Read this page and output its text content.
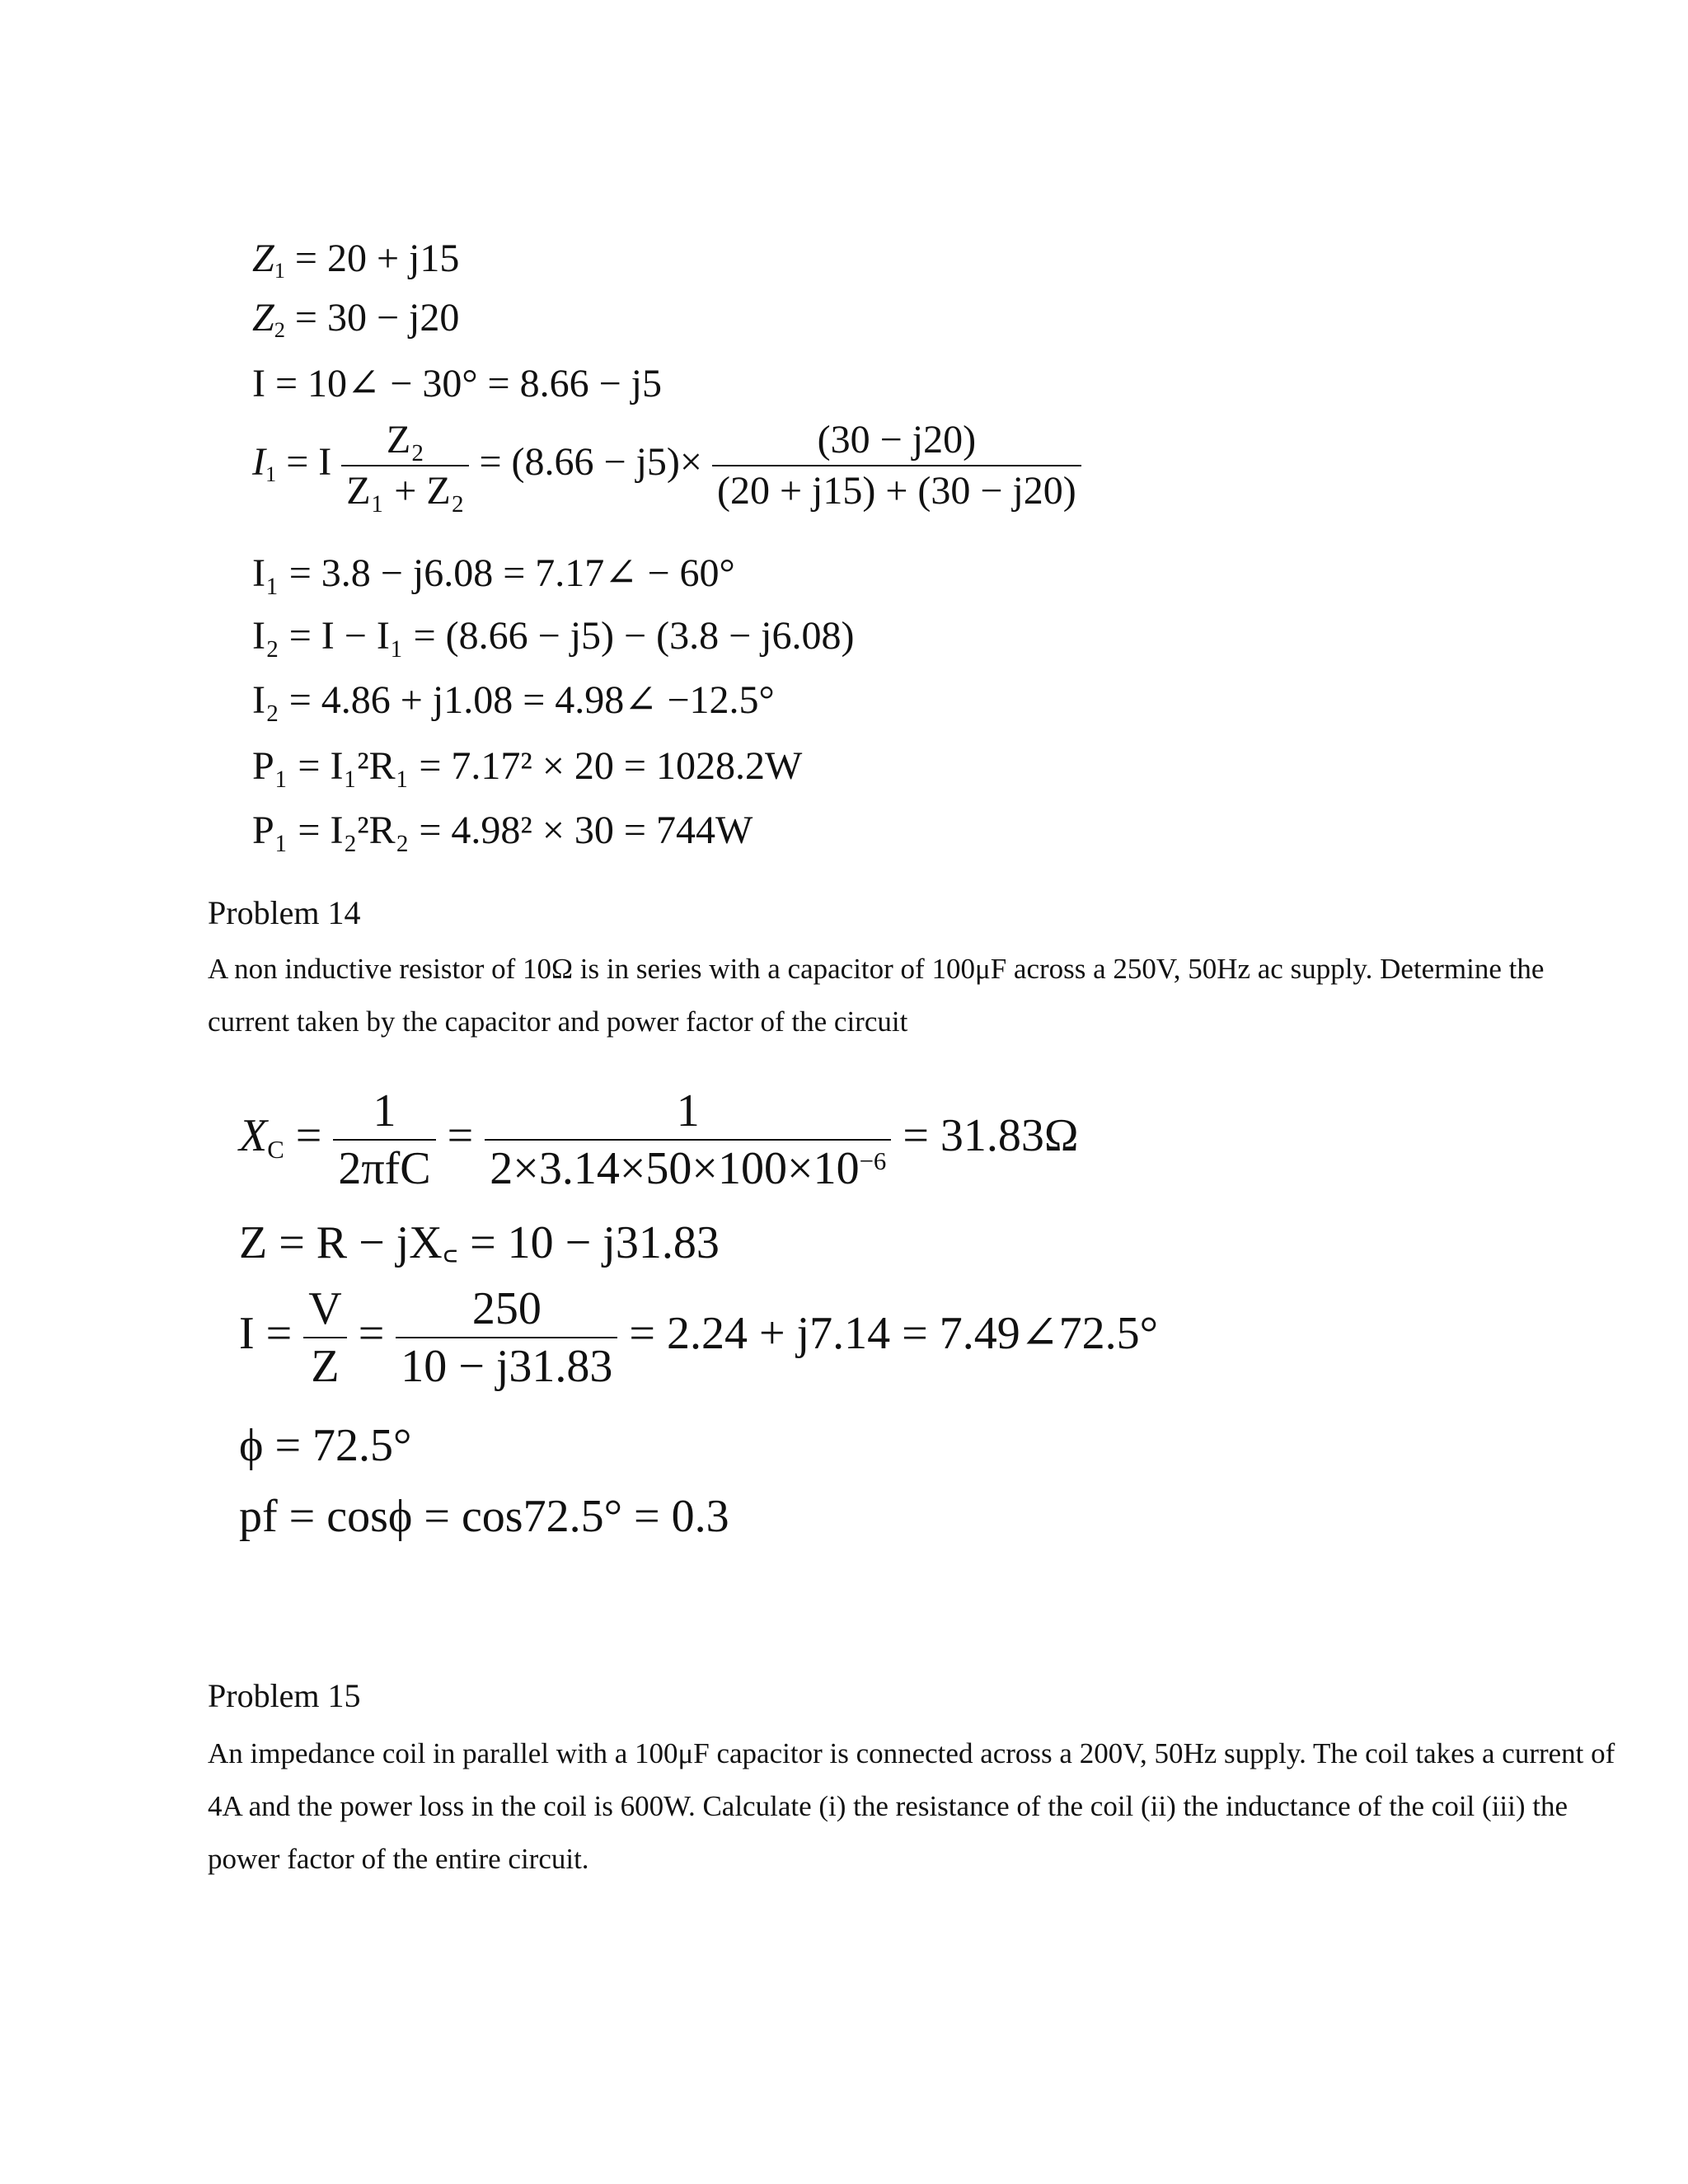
$Z_1 = 20 + j15$
$Z_2 = 30 - j20$
I = 10∠ − 30° = 8.66 − j5
$I_1 = I \frac{\text{Z₂}}{\text{Z₁ + Z₂}} = (8.66 - j5)\times \frac{(30 - j20)}{(20 + j15) + (30 - j20)}$
I₁ = 3.8 − j6.08 = 7.17∠ − 60°
I₂ = I − I₁ = (8.66 − j5) − (3.8 − j6.08)
I₂ = 4.86 + j1.08 = 4.98∠ −12.5°
P₁ = I₁²R₁ = 7.17² × 20 = 1028.2W
P₁ = I₂²R₂ = 4.98² × 30 = 744W
Problem 14
A non inductive resistor of 10Ω is in series with a capacitor of 100μF across a 250V, 50Hz ac supply. Determine the current taken by the capacitor and power factor of the circuit
$X_C = \frac{1}{\text{2πfC}} = \frac{1}{2\times 3.14\times 50\times 100\times 10^{-6}} = 31.83\Omega$
Z = R − jX꜀ = 10 − j31.83
$I = \frac{V}{Z} = \frac{250}{10 - j31.83} = 2.24 + j7.14$ = 7.49∠72.5°
ϕ = 72.5°
pf = cosϕ = cos72.5° = 0.3
Problem 15
An impedance coil in parallel with a 100μF capacitor is connected across a 200V, 50Hz supply. The coil takes a current of 4A and the power loss in the coil is 600W. Calculate (i) the resistance of the coil (ii) the inductance of the coil (iii) the power factor of the entire circuit.
